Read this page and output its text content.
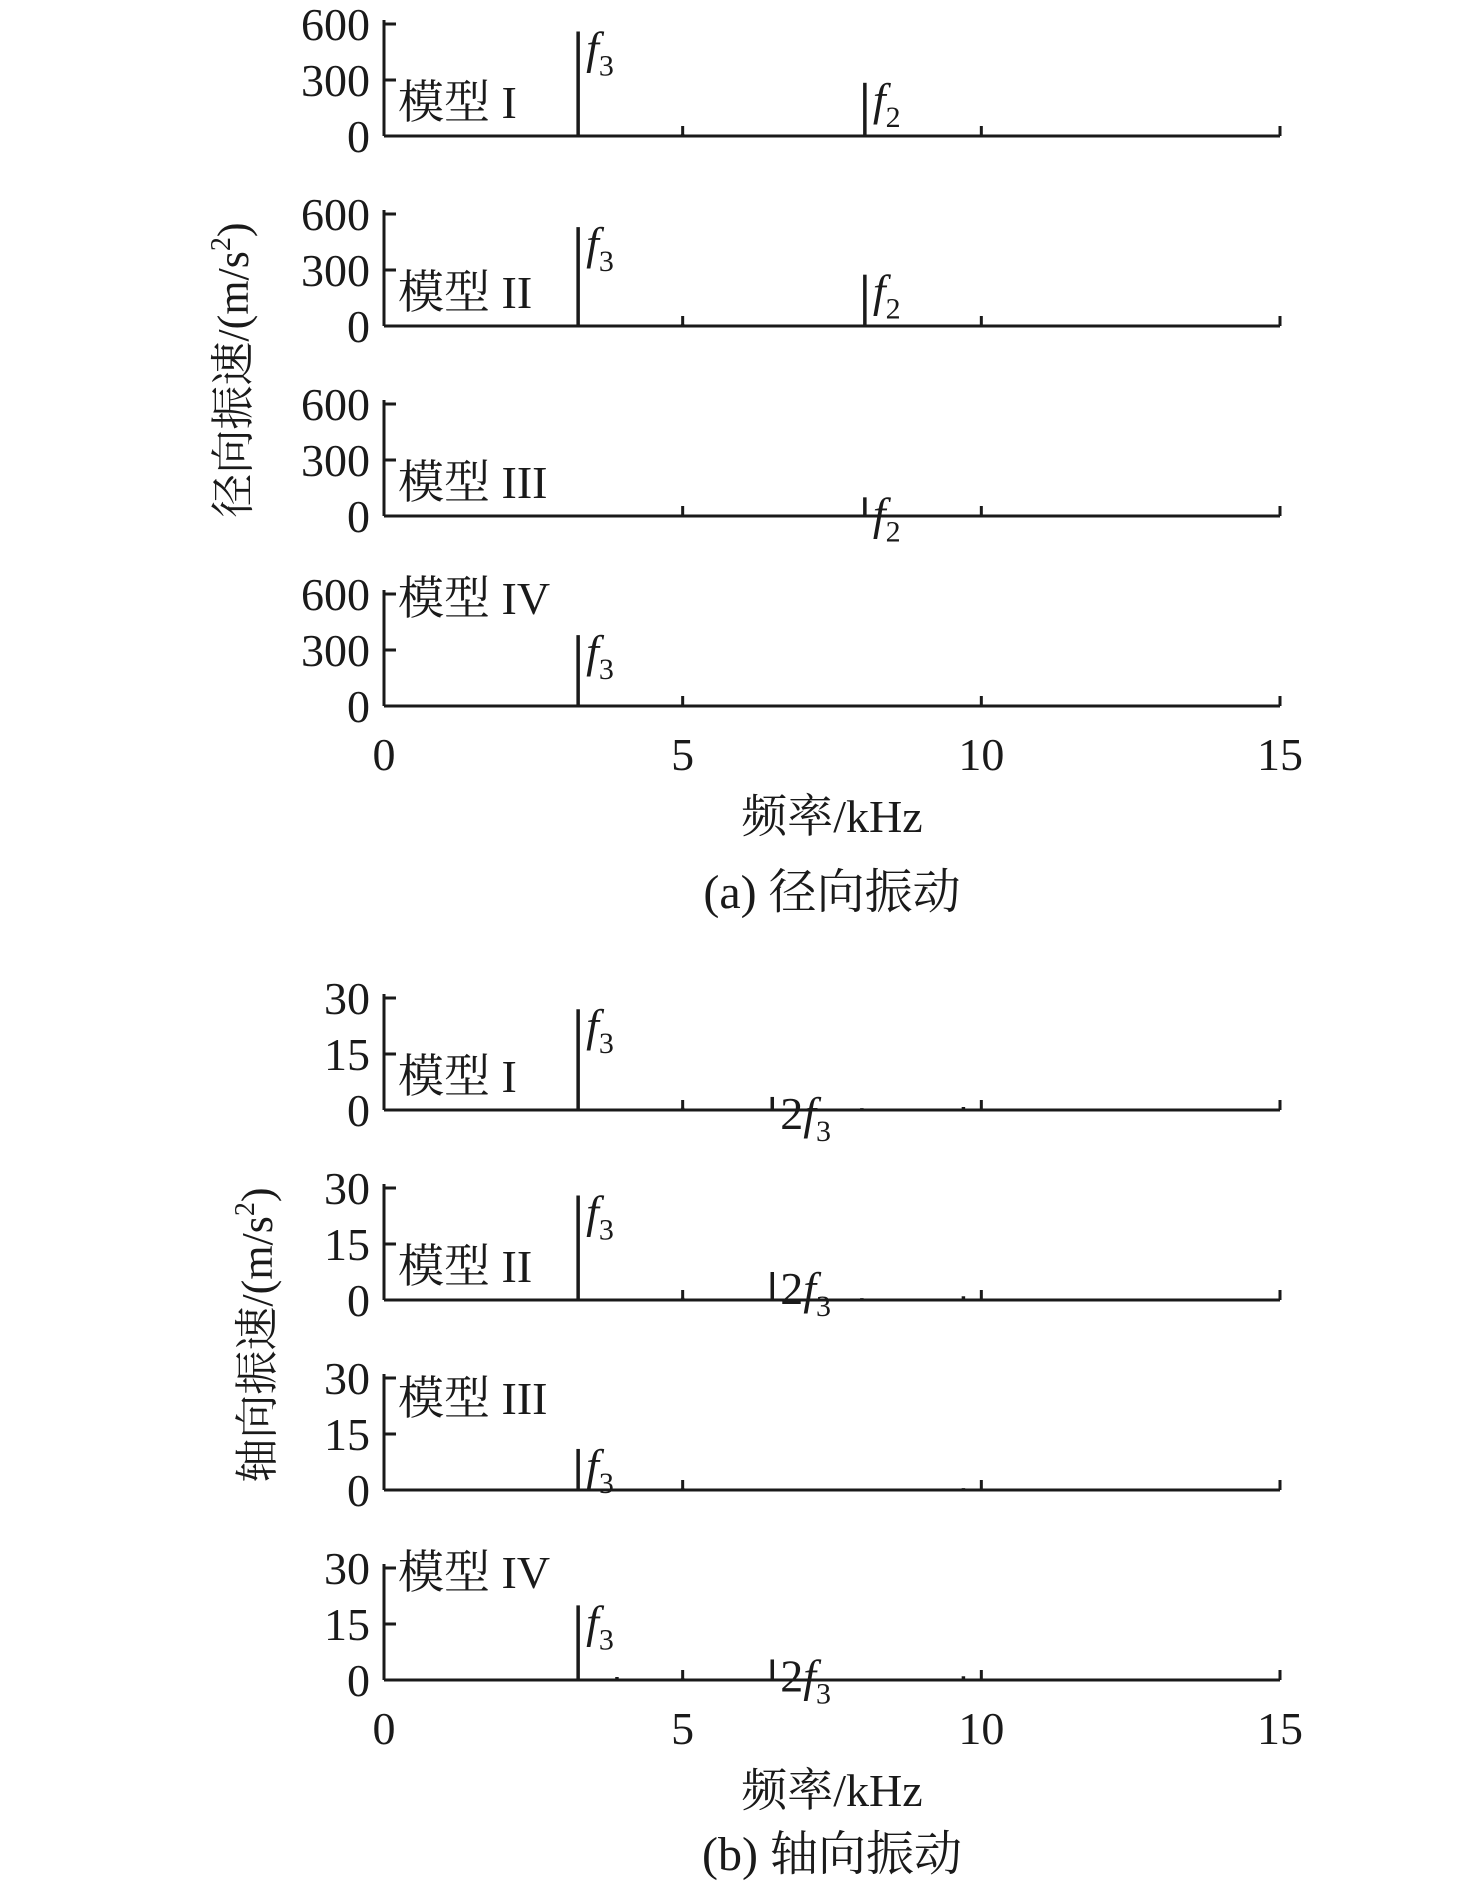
600
300
0
模型 I
$f_3$
$f_2$
600
300
0
模型 II
$f_3$
$f_2$
600
300
0
模型 III
$f_2$
600
300
0
模型 IV
$f_3$
0	5	10	15
频率/kHz
(a) 径向振动
径向振速$/(m/s^2)$
30
15
0
模型 I
$f_3$
$2f_3$
30
15
0
模型 II
$f_3$
$2f_3$
30
15
0
模型 III
$f_3$
30
15
0
模型 IV
$f_3$
$2f_3$
0	5	10	15
频率/kHz
(b) 轴向振动
轴向振速$/(m/s^2)$
